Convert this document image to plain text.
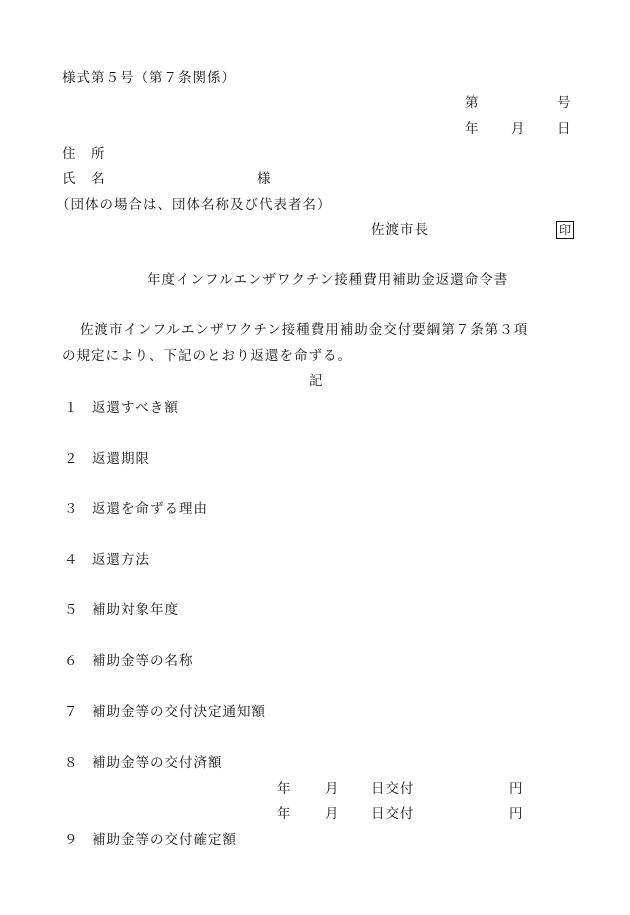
様式第５号（第７条関係）
第	号
年 月 日
住　所
氏　名	様
（団体の場合は、団体名称及び代表者名）
佐渡市長	印
年度インフルエンザワクチン接種費用補助金返還命令書
佐渡市インフルエンザワクチン接種費用補助金交付要綱第７条第３項
の規定により、下記のとおり返還を命ずる。
記
１ 返還すべき額
２ 返還期限
３ 返還を命ずる理由
４ 返還方法
５ 補助対象年度
６ 補助金等の名称
７ 補助金等の交付決定通知額
８ 補助金等の交付済額
年 月 日交付	円
年 月 日交付	円
９ 補助金等の交付確定額
